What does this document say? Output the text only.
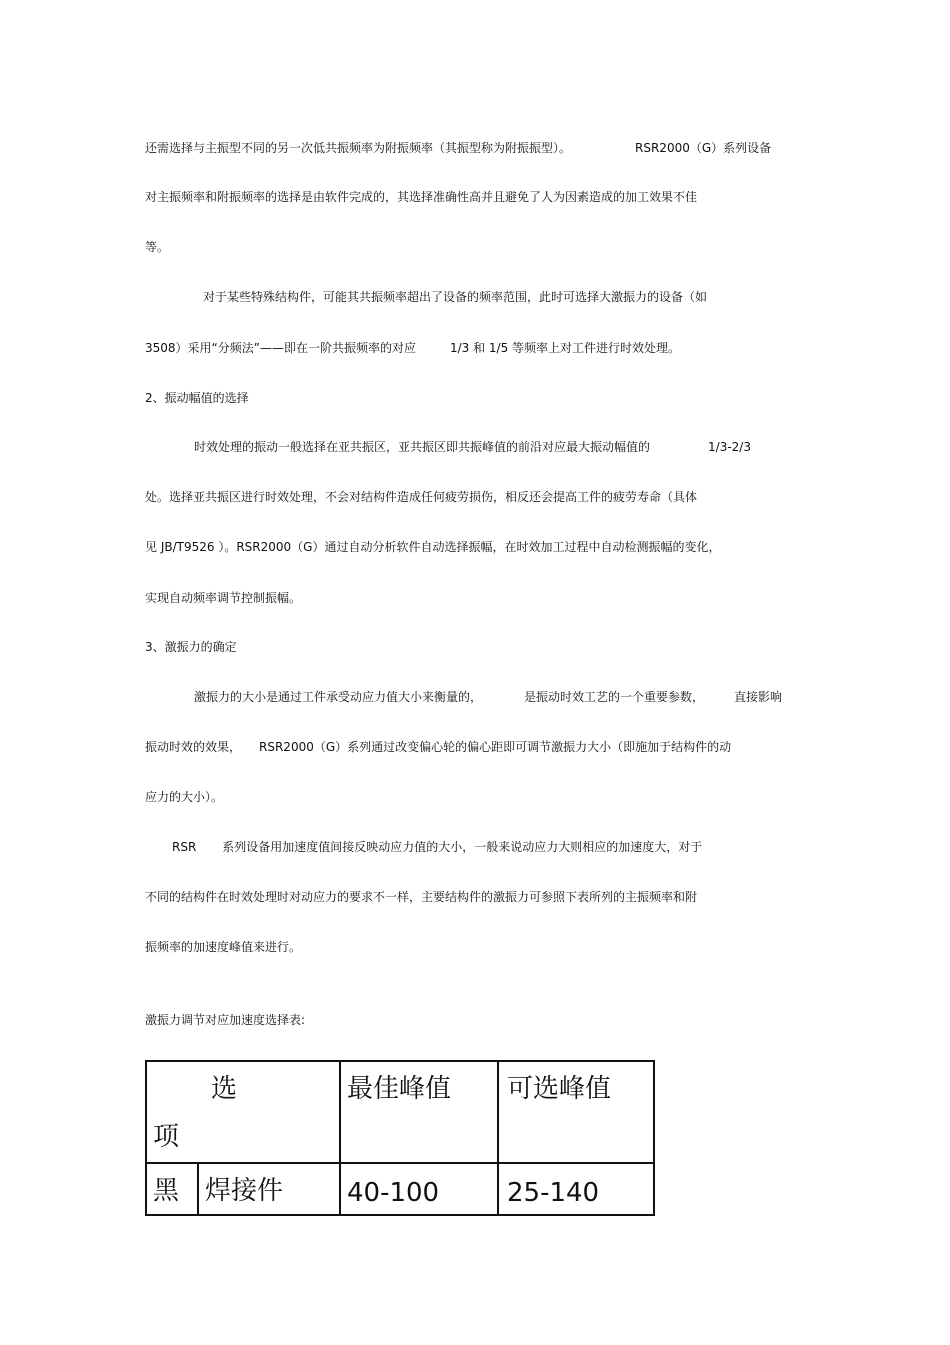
还需选择与主振型不同的另一次低共振频率为附振频率（其振型称为附振振型）。	RSR2000（G）系列设备
对主振频率和附振频率的选择是由软件完成的，其选择准确性高并且避免了人为因素造成的加工效果不佳
等。
对于某些特殊结构件，可能其共振频率超出了设备的频率范围，此时可选择大激振力的设备（如
3508）采用“分频法”——即在一阶共振频率的对应	1/3 和 1/5 等频率上对工件进行时效处理。
2、振动幅值的选择
时效处理的振动一般选择在亚共振区，亚共振区即共振峰值的前沿对应最大振动幅值的	1/3-2/3
处。选择亚共振区进行时效处理，不会对结构件造成任何疲劳损伤，相反还会提高工件的疲劳寿命（具体
见 JB/T9526 ）。RSR2000（G）通过自动分析软件自动选择振幅，在时效加工过程中自动检测振幅的变化，
实现自动频率调节控制振幅。
3、激振力的确定
激振力的大小是通过工件承受动应力值大小来衡量的，	是振动时效工艺的一个重要参数，	直接影响
振动时效的效果， RSR2000（G）系列通过改变偏心轮的偏心距即可调节激振力大小（即施加于结构件的动
应力的大小）。
RSR 系列设备用加速度值间接反映动应力值的大小，一般来说动应力大则相应的加速度大，对于
不同的结构件在时效处理时对动应力的要求不一样，主要结构件的激振力可参照下表所列的主振频率和附
振频率的加速度峰值来进行。
激振力调节对应加速度选择表:
选
项		最佳峰值	可选峰值

黑	焊接件	40-100	25-140
